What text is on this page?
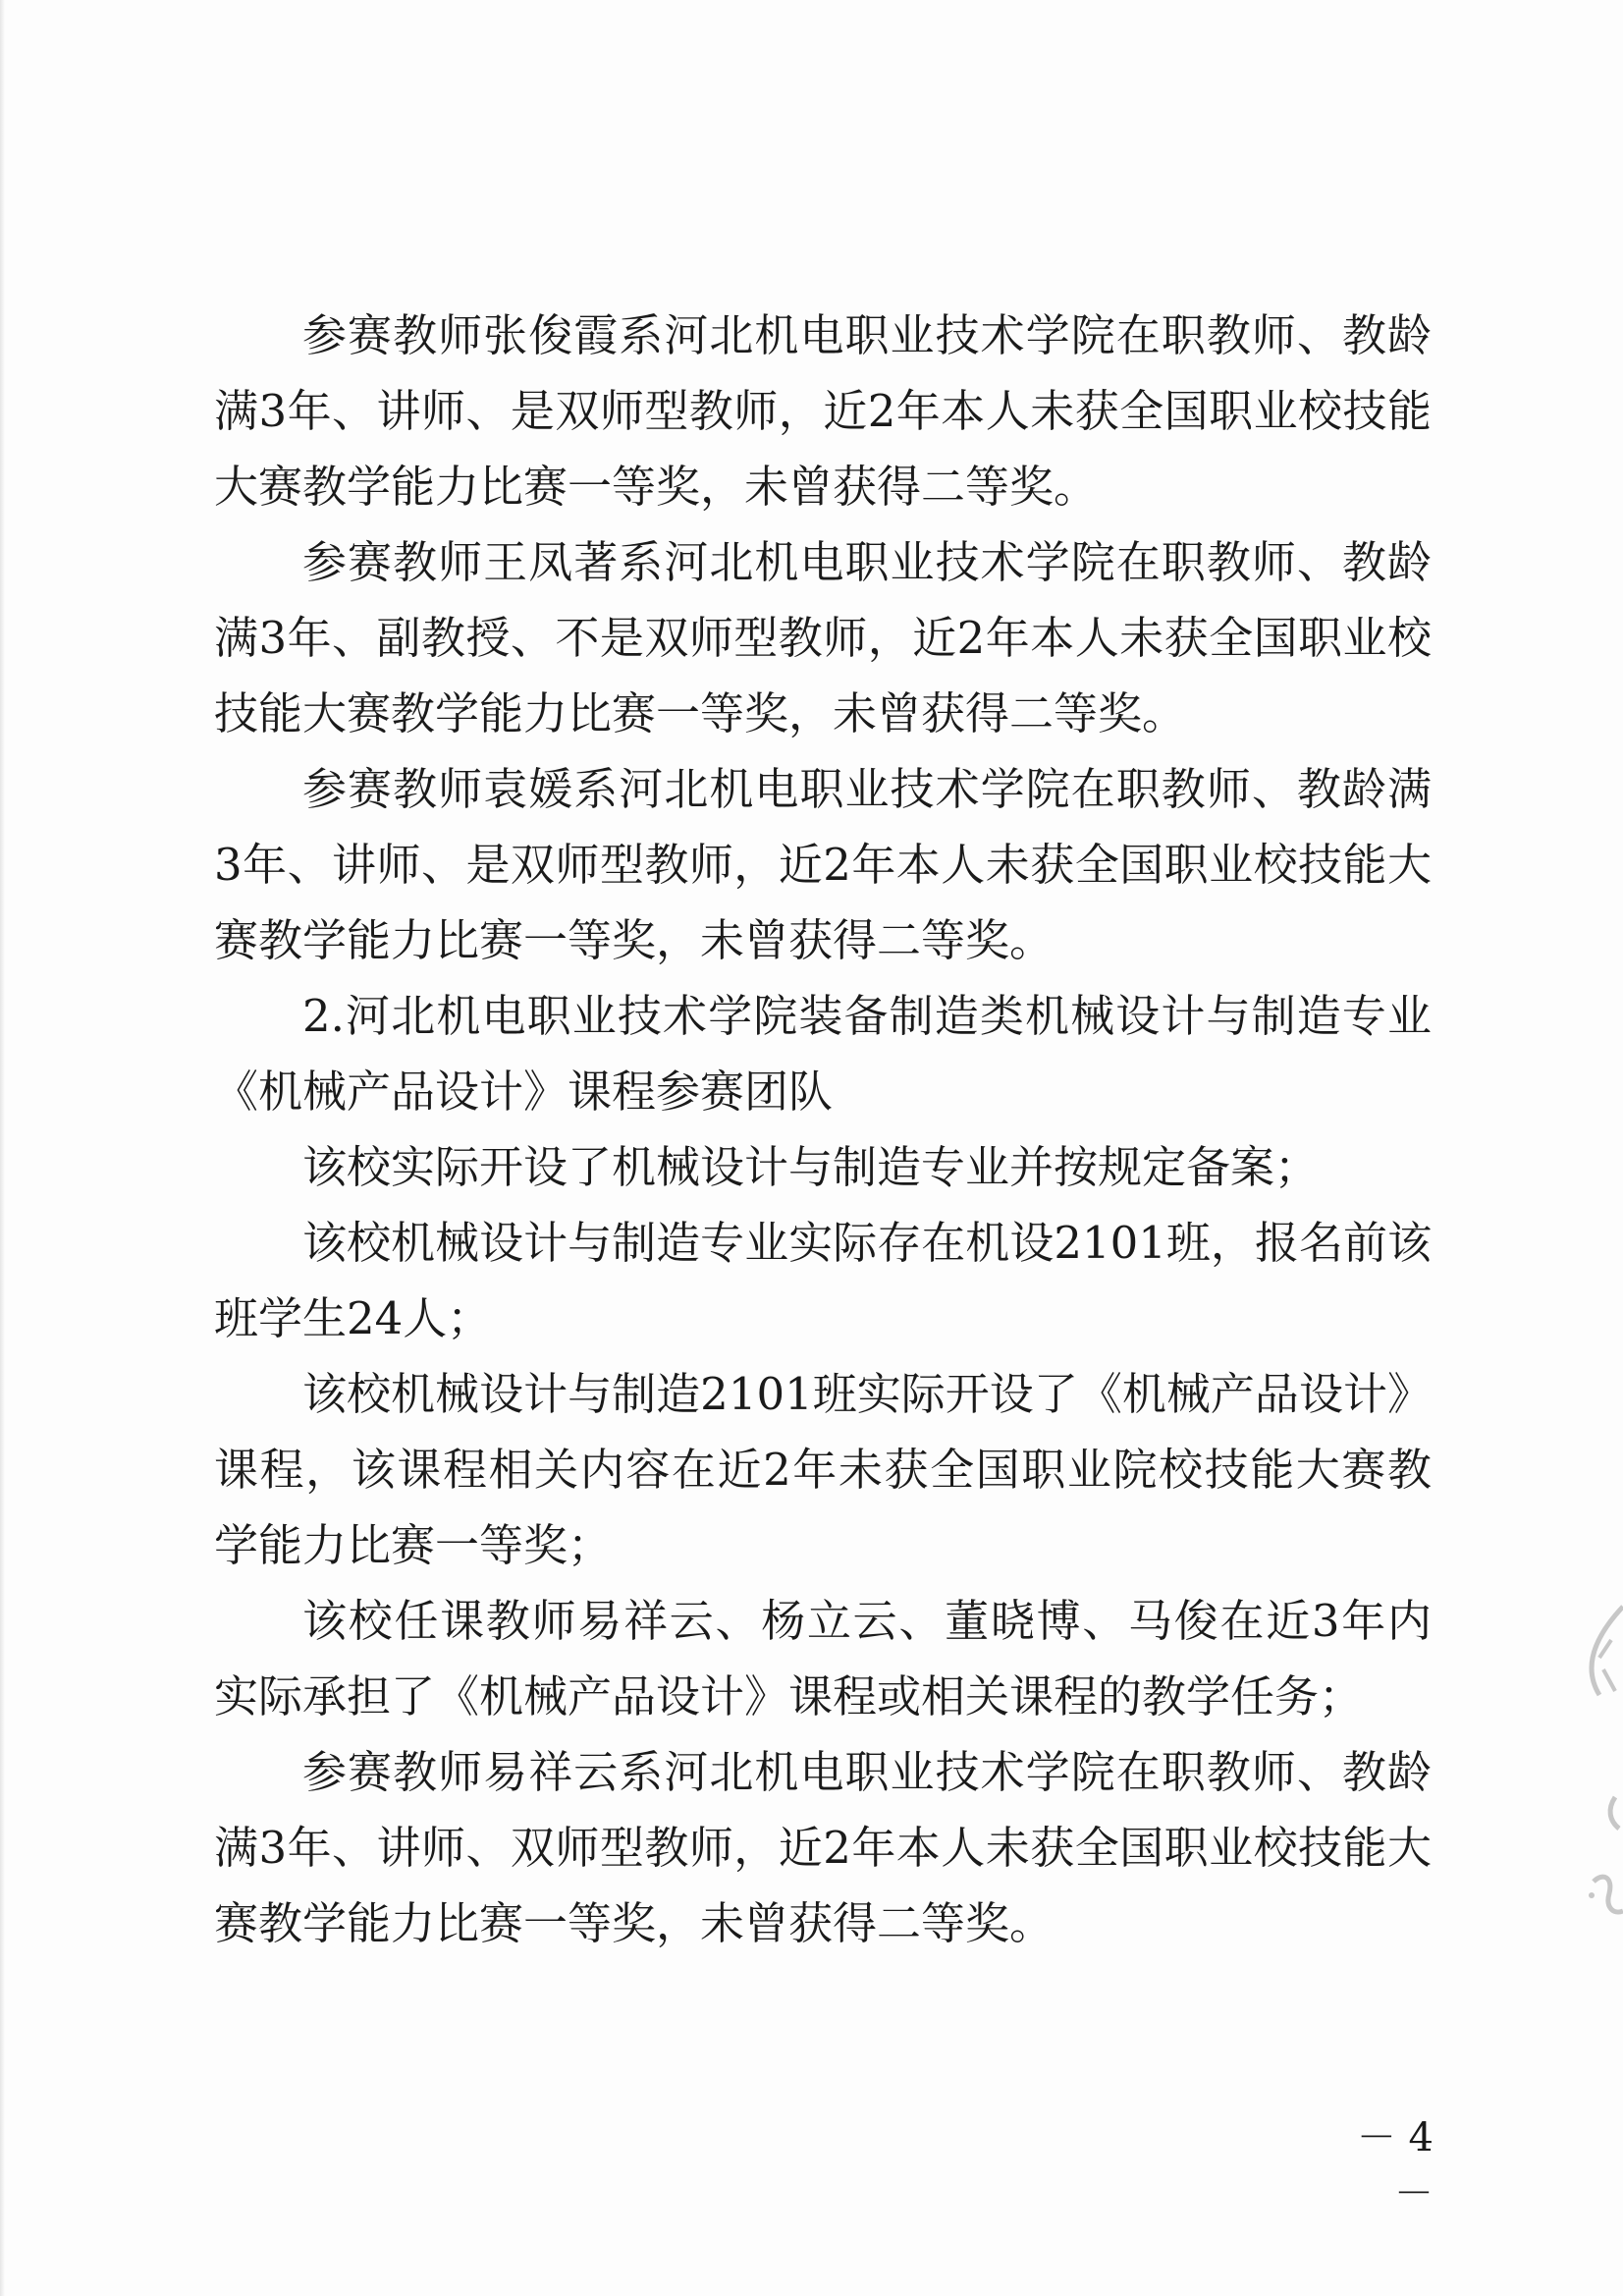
参赛教师张俊霞系河北机电职业技术学院在职教师、教龄满3年、讲师、是双师型教师，近2年本人未获全国职业校技能大赛教学能力比赛一等奖，未曾获得二等奖。

参赛教师王凤著系河北机电职业技术学院在职教师、教龄满3年、副教授、不是双师型教师，近2年本人未获全国职业校技能大赛教学能力比赛一等奖，未曾获得二等奖。

参赛教师袁媛系河北机电职业技术学院在职教师、教龄满3年、讲师、是双师型教师，近2年本人未获全国职业校技能大赛教学能力比赛一等奖，未曾获得二等奖。

2.河北机电职业技术学院装备制造类机械设计与制造专业《机械产品设计》课程参赛团队

该校实际开设了机械设计与制造专业并按规定备案；

该校机械设计与制造专业实际存在机设2101班，报名前该班学生24人；

该校机械设计与制造2101班实际开设了《机械产品设计》课程，该课程相关内容在近2年未获全国职业院校技能大赛教学能力比赛一等奖；

该校任课教师易祥云、杨立云、董晓博、马俊在近3年内实际承担了《机械产品设计》课程或相关课程的教学任务；

参赛教师易祥云系河北机电职业技术学院在职教师、教龄满3年、讲师、双师型教师，近2年本人未获全国职业校技能大赛教学能力比赛一等奖，未曾获得二等奖。

－ 4 －
